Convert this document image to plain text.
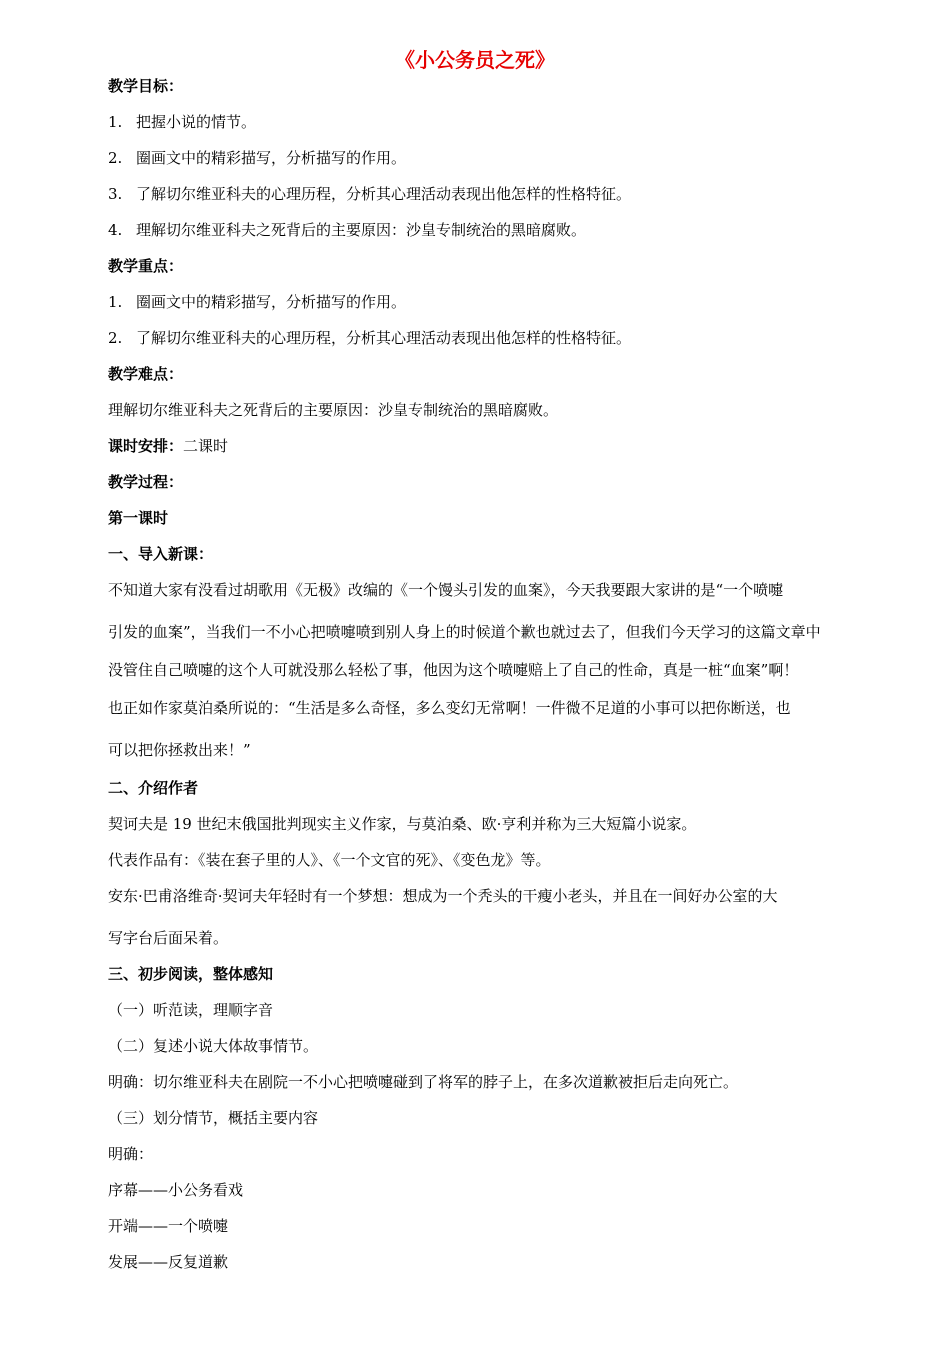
《小公务员之死》
教学目标：
1. 把握小说的情节。
2. 圈画文中的精彩描写，分析描写的作用。
3. 了解切尔维亚科夫的心理历程，分析其心理活动表现出他怎样的性格特征。
4. 理解切尔维亚科夫之死背后的主要原因：沙皇专制统治的黑暗腐败。
教学重点：
1. 圈画文中的精彩描写，分析描写的作用。
2. 了解切尔维亚科夫的心理历程，分析其心理活动表现出他怎样的性格特征。
教学难点：
理解切尔维亚科夫之死背后的主要原因：沙皇专制统治的黑暗腐败。
课时安排：二课时
教学过程：
第一课时
一、导入新课：
不知道大家有没看过胡歌用《无极》改编的《一个馒头引发的血案》，今天我要跟大家讲的是“一个喷嚏
引发的血案”，当我们一不小心把喷嚏喷到别人身上的时候道个歉也就过去了，但我们今天学习的这篇文章中
没管住自己喷嚏的这个人可就没那么轻松了事，他因为这个喷嚏赔上了自己的性命，真是一桩“血案”啊！
也正如作家莫泊桑所说的：“生活是多么奇怪，多么变幻无常啊！一件微不足道的小事可以把你断送，也
可以把你拯救出来！”
二、介绍作者
契诃夫是 19 世纪末俄国批判现实主义作家，与莫泊桑、欧·亨利并称为三大短篇小说家。
代表作品有：《装在套子里的人》、《一个文官的死》、《变色龙》等。
安东·巴甫洛维奇·契诃夫年轻时有一个梦想：想成为一个秃头的干瘦小老头，并且在一间好办公室的大
写字台后面呆着。
三、初步阅读，整体感知
（一）听范读，理顺字音
（二）复述小说大体故事情节。
明确：切尔维亚科夫在剧院一不小心把喷嚏碰到了将军的脖子上，在多次道歉被拒后走向死亡。
（三）划分情节，概括主要内容
明确：
序幕——小公务看戏
开端——一个喷嚏
发展——反复道歉
